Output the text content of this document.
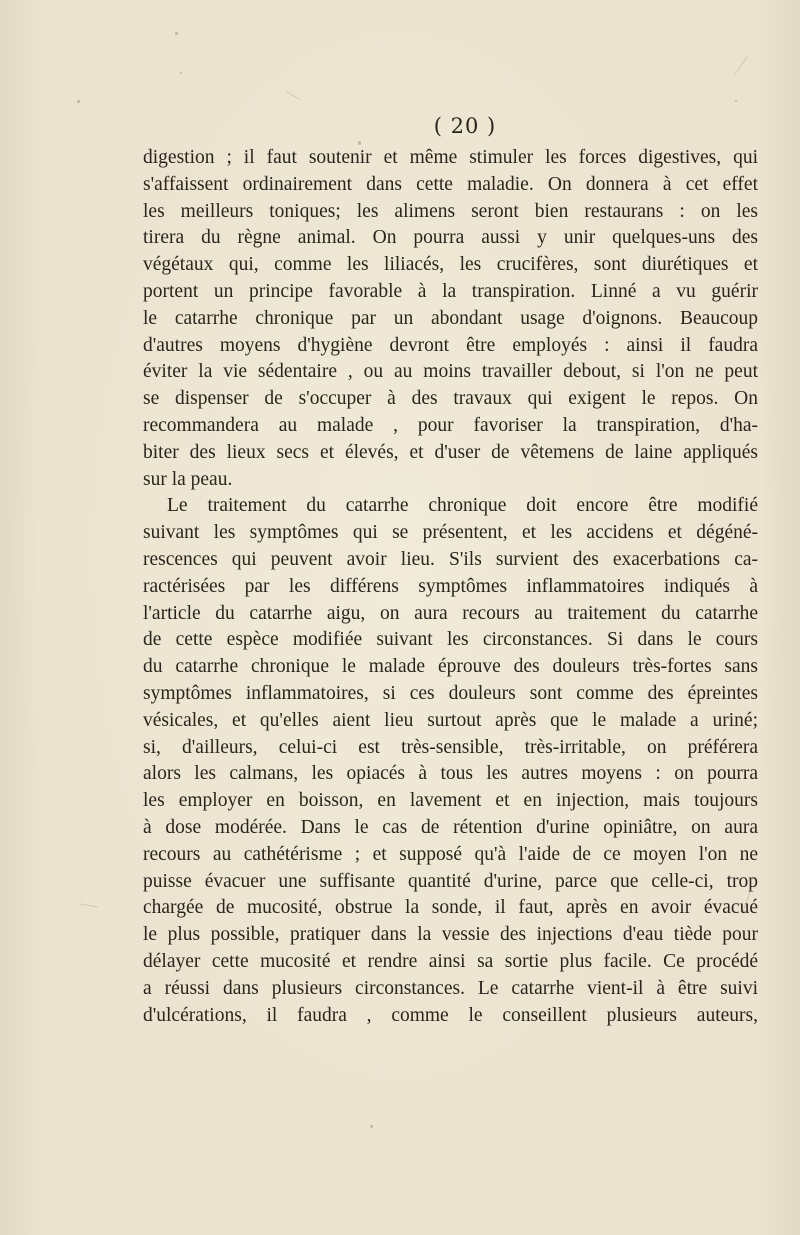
( 20 )
digestion ; il faut soutenir et même stimuler les forces digestives, qui
s'affaissent ordinairement dans cette maladie. On donnera à cet effet
les meilleurs toniques; les alimens seront bien restaurans : on les
tirera du règne animal. On pourra aussi y unir quelques-uns des
végétaux qui, comme les liliacés, les crucifères, sont diurétiques et
portent un principe favorable à la transpiration. Linné a vu guérir
le catarrhe chronique par un abondant usage d'oignons. Beaucoup
d'autres moyens d'hygiène devront être employés : ainsi il faudra
éviter la vie sédentaire , ou au moins travailler debout, si l'on ne peut
se dispenser de s'occuper à des travaux qui exigent le repos. On
recommandera au malade , pour favoriser la transpiration, d'ha-
biter des lieux secs et élevés, et d'user de vêtemens de laine appliqués
sur la peau.
Le traitement du catarrhe chronique doit encore être modifié
suivant les symptômes qui se présentent, et les accidens et dégéné-
rescences qui peuvent avoir lieu. S'ils survient des exacerbations ca-
ractérisées par les différens symptômes inflammatoires indiqués à
l'article du catarrhe aigu, on aura recours au traitement du catarrhe
de cette espèce modifiée suivant les circonstances. Si dans le cours
du catarrhe chronique le malade éprouve des douleurs très-fortes sans
symptômes inflammatoires, si ces douleurs sont comme des épreintes
vésicales, et qu'elles aient lieu surtout après que le malade a uriné;
si, d'ailleurs, celui-ci est très-sensible, très-irritable, on préférera
alors les calmans, les opiacés à tous les autres moyens : on pourra
les employer en boisson, en lavement et en injection, mais toujours
à dose modérée. Dans le cas de rétention d'urine opiniâtre, on aura
recours au cathétérisme ; et supposé qu'à l'aide de ce moyen l'on ne
puisse évacuer une suffisante quantité d'urine, parce que celle-ci, trop
chargée de mucosité, obstrue la sonde, il faut, après en avoir évacué
le plus possible, pratiquer dans la vessie des injections d'eau tiède pour
délayer cette mucosité et rendre ainsi sa sortie plus facile. Ce procédé
a réussi dans plusieurs circonstances. Le catarrhe vient-il à être suivi
d'ulcérations, il faudra , comme le conseillent plusieurs auteurs,
